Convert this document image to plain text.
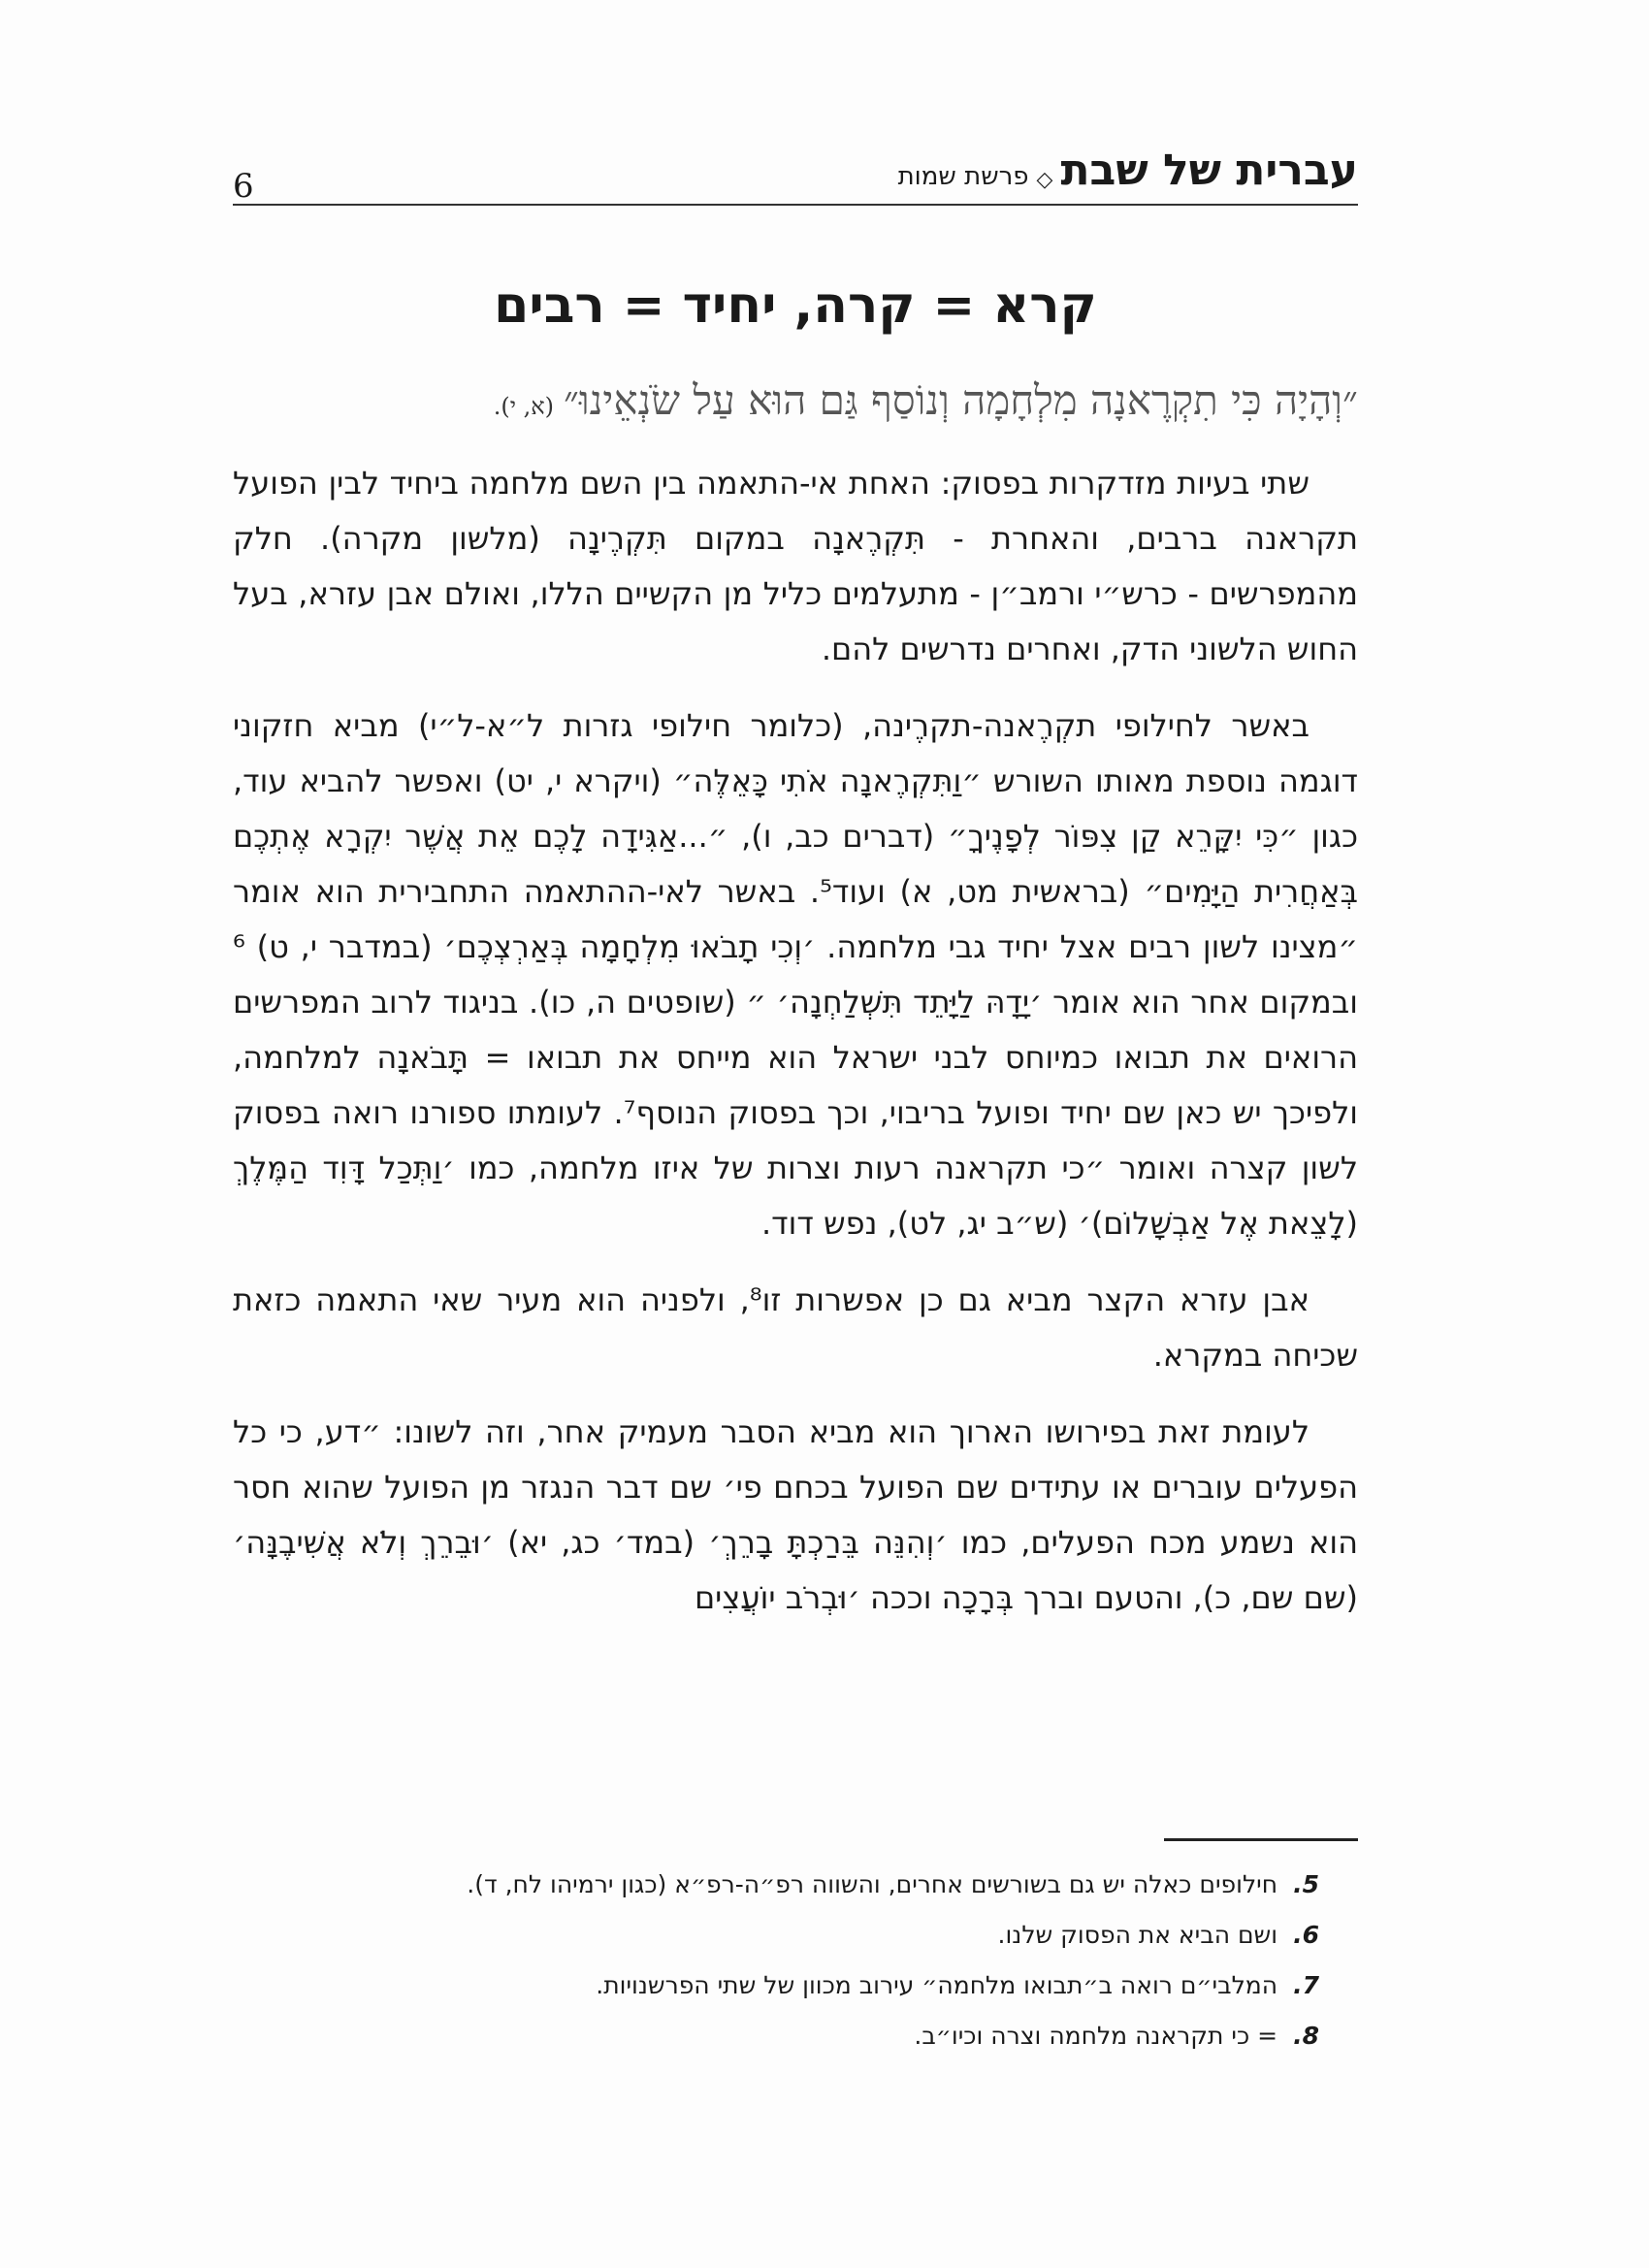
6	עברית של שבת◇פרשת שמות
קרא = קרה, יחיד = רבים
״וְהָיָה כִּי תִקְרֶאנָה מִלְחָמָה וְנוֹסַף גַּם הוּא עַל שֹׂנְאֵינוּ״(א, י).

שתי בעיות מזדקרות בפסוק: האחת אי-התאמה בין השם מלחמה ביחיד לבין הפועל תקראנה ברבים, והאחרת - תִּקְרֶאנָה במקום תִּקְרֶינָה (מלשון מקרה). חלק מהמפרשים - כרש״י ורמב״ן - מתעלמים כליל מן הקשיים הללו, ואולם אבן עזרא, בעל החוש הלשוני הדק, ואחרים נדרשים להם.

באשר לחילופי תקְרֶאנה-תקרֶינה, (כלומר חילופי גזרות ל״א-ל״י) מביא חזקוני דוגמה נוספת מאותו השורש ״וַתִּקְרֶאנָה אֹתִי כָּאֵלֶּה״ (ויקרא י, יט) ואפשר להביא עוד, כגון ״כִּי יִקָּרֵא קַן צִפּוֹר לְפָנֶיךָ״ (דברים כב, ו), ״...אַגִּידָה לָכֶם אֵת אֲשֶׁר יִקְרָא אֶתְכֶם בְּאַחֲרִית הַיָּמִים״ (בראשית מט, א) ועוד⁵. באשר לאי-ההתאמה התחבירית הוא אומר ״מצינו לשון רבים אצל יחיד גבי מלחמה. ׳וְכִי תָבֹאוּ מִלְחָמָה בְּאַרְצְכֶם׳ (במדבר י, ט) ⁶ ובמקום אחר הוא אומר ׳יָדָהּ לַיָּתֵד תִּשְׁלַחְנָה׳ ״ (שופטים ה, כו). בניגוד לרוב המפרשים הרואים את תבואו כמיוחס לבני ישראל הוא מייחס את תבואו = תָּבֹאנָה למלחמה, ולפיכך יש כאן שם יחיד ופועל בריבוי, וכך בפסוק הנוסף⁷. לעומתו ספורנו רואה בפסוק לשון קצרה ואומר ״כי תקראנה רעות וצרות של איזו מלחמה, כמו ׳וַתְּכַל דָּוִד הַמֶּלֶךְ (לָצֵאת אֶל אַבְשָׁלוֹם)׳ (ש״ב יג, לט), נפש דוד.

אבן עזרא הקצר מביא גם כן אפשרות זו⁸, ולפניה הוא מעיר שאי התאמה כזאת שכיחה במקרא.

לעומת זאת בפירושו הארוך הוא מביא הסבר מעמיק אחר, וזה לשונו: ״דע, כי כל הפעלים עוברים או עתידים שם הפועל בכחם פי׳ שם דבר הנגזר מן הפועל שהוא חסר הוא נשמע מכח הפעלים, כמו ׳וְהִנֵּה בֵּרַכְתָּ בָרֵךְ׳ (במד׳ כג, יא) ׳וּבֵרֵךְ וְלֹא אֲשִׁיבֶנָּה׳ (שם שם, כ), והטעם וברך בְּרָכָה וככה ׳וּבְרֹב יוֹעֲצִים

5.חילופים כאלה יש גם בשורשים אחרים, והשווה רפ״ה-רפ״א (כגון ירמיהו לח, ד).
6.ושם הביא את הפסוק שלנו.
7.המלבי״ם רואה ב״תבואו מלחמה״ עירוב מכוון של שתי הפרשנויות.
8.= כי תקראנה מלחמה וצרה וכיו״ב.
